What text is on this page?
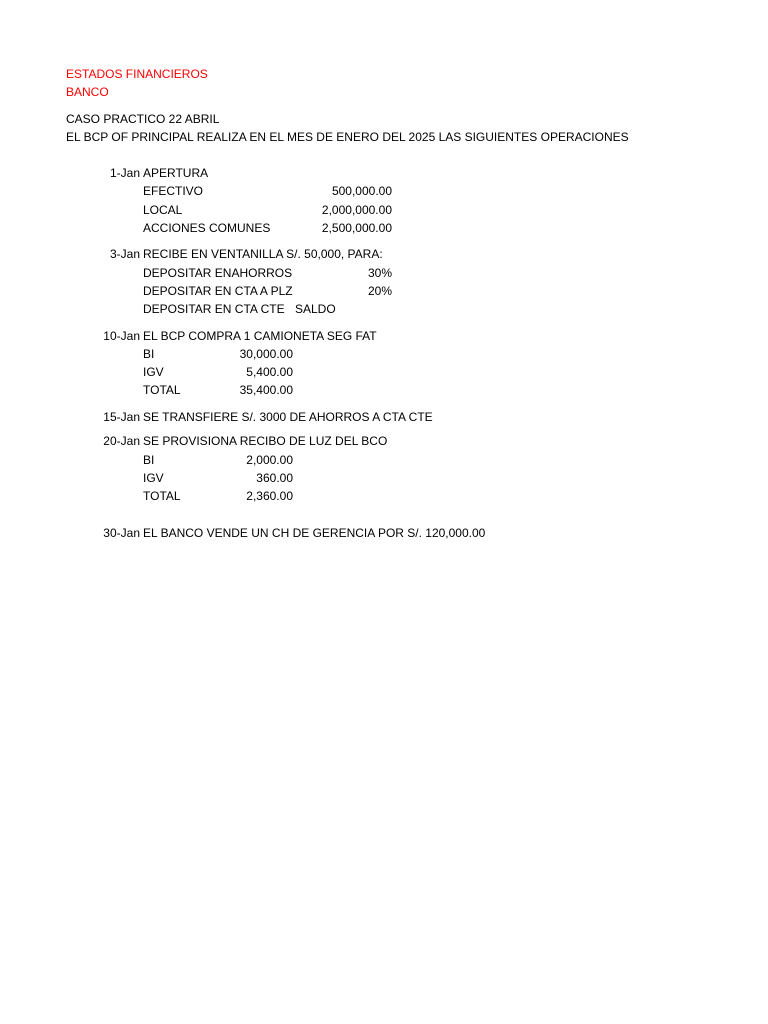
ESTADOS FINANCIEROS
BANCO
CASO PRACTICO 22 ABRIL
EL BCP OF PRINCIPAL REALIZA EN EL MES DE ENERO DEL 2025 LAS SIGUIENTES OPERACIONES
1-Jan APERTURA
EFECTIVO	500,000.00
LOCAL	2,000,000.00
ACCIONES COMUNES	2,500,000.00
3-Jan RECIBE EN VENTANILLA S/. 50,000, PARA:
DEPOSITAR ENAHORROS	30%
DEPOSITAR EN CTA A PLZ	20%
DEPOSITAR EN CTA CTE SALDO
10-Jan EL BCP COMPRA 1 CAMIONETA SEG FAT
BI	30,000.00
IGV	5,400.00
TOTAL	35,400.00
15-Jan SE TRANSFIERE S/. 3000 DE AHORROS A CTA CTE
20-Jan SE PROVISIONA RECIBO DE LUZ DEL BCO
BI	2,000.00
IGV	360.00
TOTAL	2,360.00
30-Jan EL BANCO VENDE UN CH DE GERENCIA POR S/. 120,000.00
